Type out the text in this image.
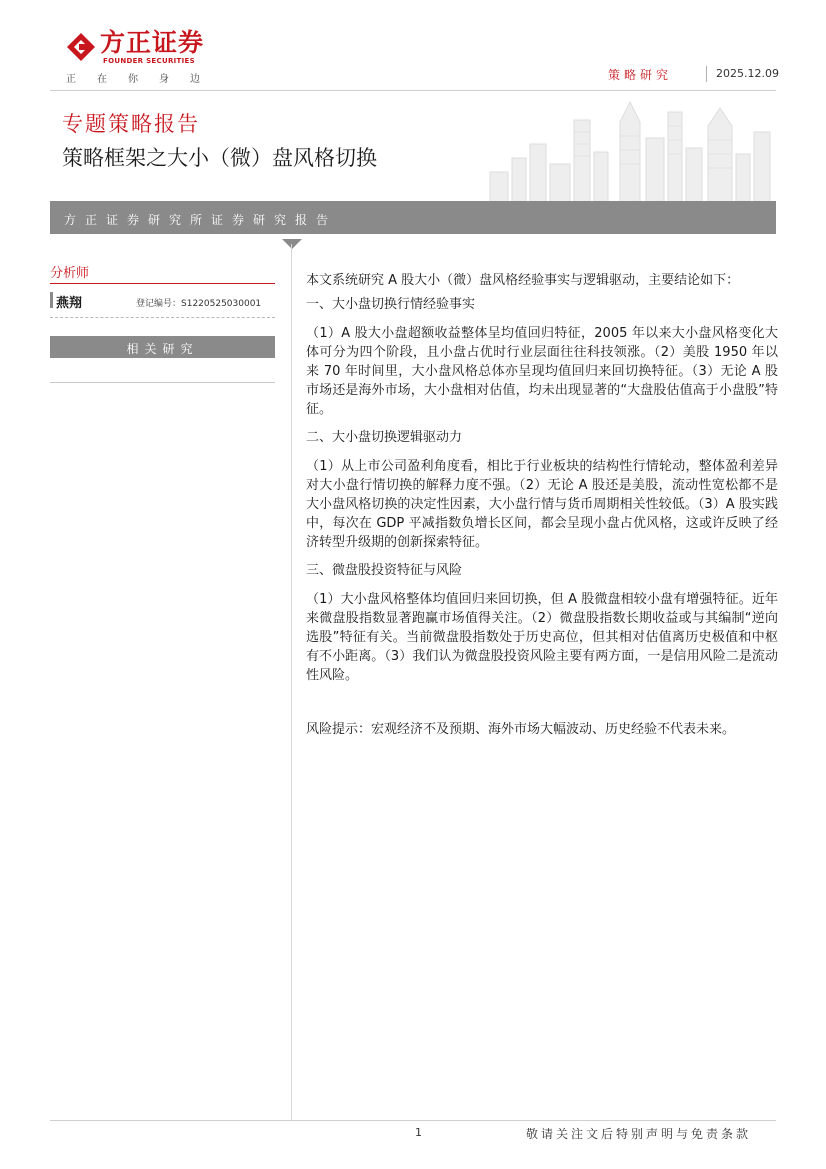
方正证券
FOUNDER SECURITIES
正 在 你 身 边	策略研究	2025.12.09
专题策略报告
策略框架之大小（微）盘风格切换
方正证券研究所证券研究报告
分析师
燕翔	登记编号：S1220525030001
相关研究

本文系统研究 A 股大小（微）盘风格经验事实与逻辑驱动，主要结论如下：

一、大小盘切换行情经验事实

（1）A 股大小盘超额收益整体呈均值回归特征，2005 年以来大小盘风格变化大体可分为四个阶段，且小盘占优时行业层面往往科技领涨。（2）美股 1950 年以来 70 年时间里，大小盘风格总体亦呈现均值回归来回切换特征。（3）无论 A 股市场还是海外市场，大小盘相对估值，均未出现显著的“大盘股估值高于小盘股”特征。

二、大小盘切换逻辑驱动力

（1）从上市公司盈利角度看，相比于行业板块的结构性行情轮动，整体盈利差异对大小盘行情切换的解释力度不强。（2）无论 A 股还是美股，流动性宽松都不是大小盘风格切换的决定性因素，大小盘行情与货币周期相关性较低。（3）A 股实践中，每次在 GDP 平减指数负增长区间，都会呈现小盘占优风格，这或许反映了经济转型升级期的创新探索特征。

三、微盘股投资特征与风险

（1）大小盘风格整体均值回归来回切换，但 A 股微盘相较小盘有增强特征。近年来微盘股指数显著跑赢市场值得关注。（2）微盘股指数长期收益或与其编制“逆向选股”特征有关。当前微盘股指数处于历史高位，但其相对估值离历史极值和中枢有不小距离。（3）我们认为微盘股投资风险主要有两方面，一是信用风险二是流动性风险。

风险提示：宏观经济不及预期、海外市场大幅波动、历史经验不代表未来。

1	敬请关注文后特别声明与免责条款
